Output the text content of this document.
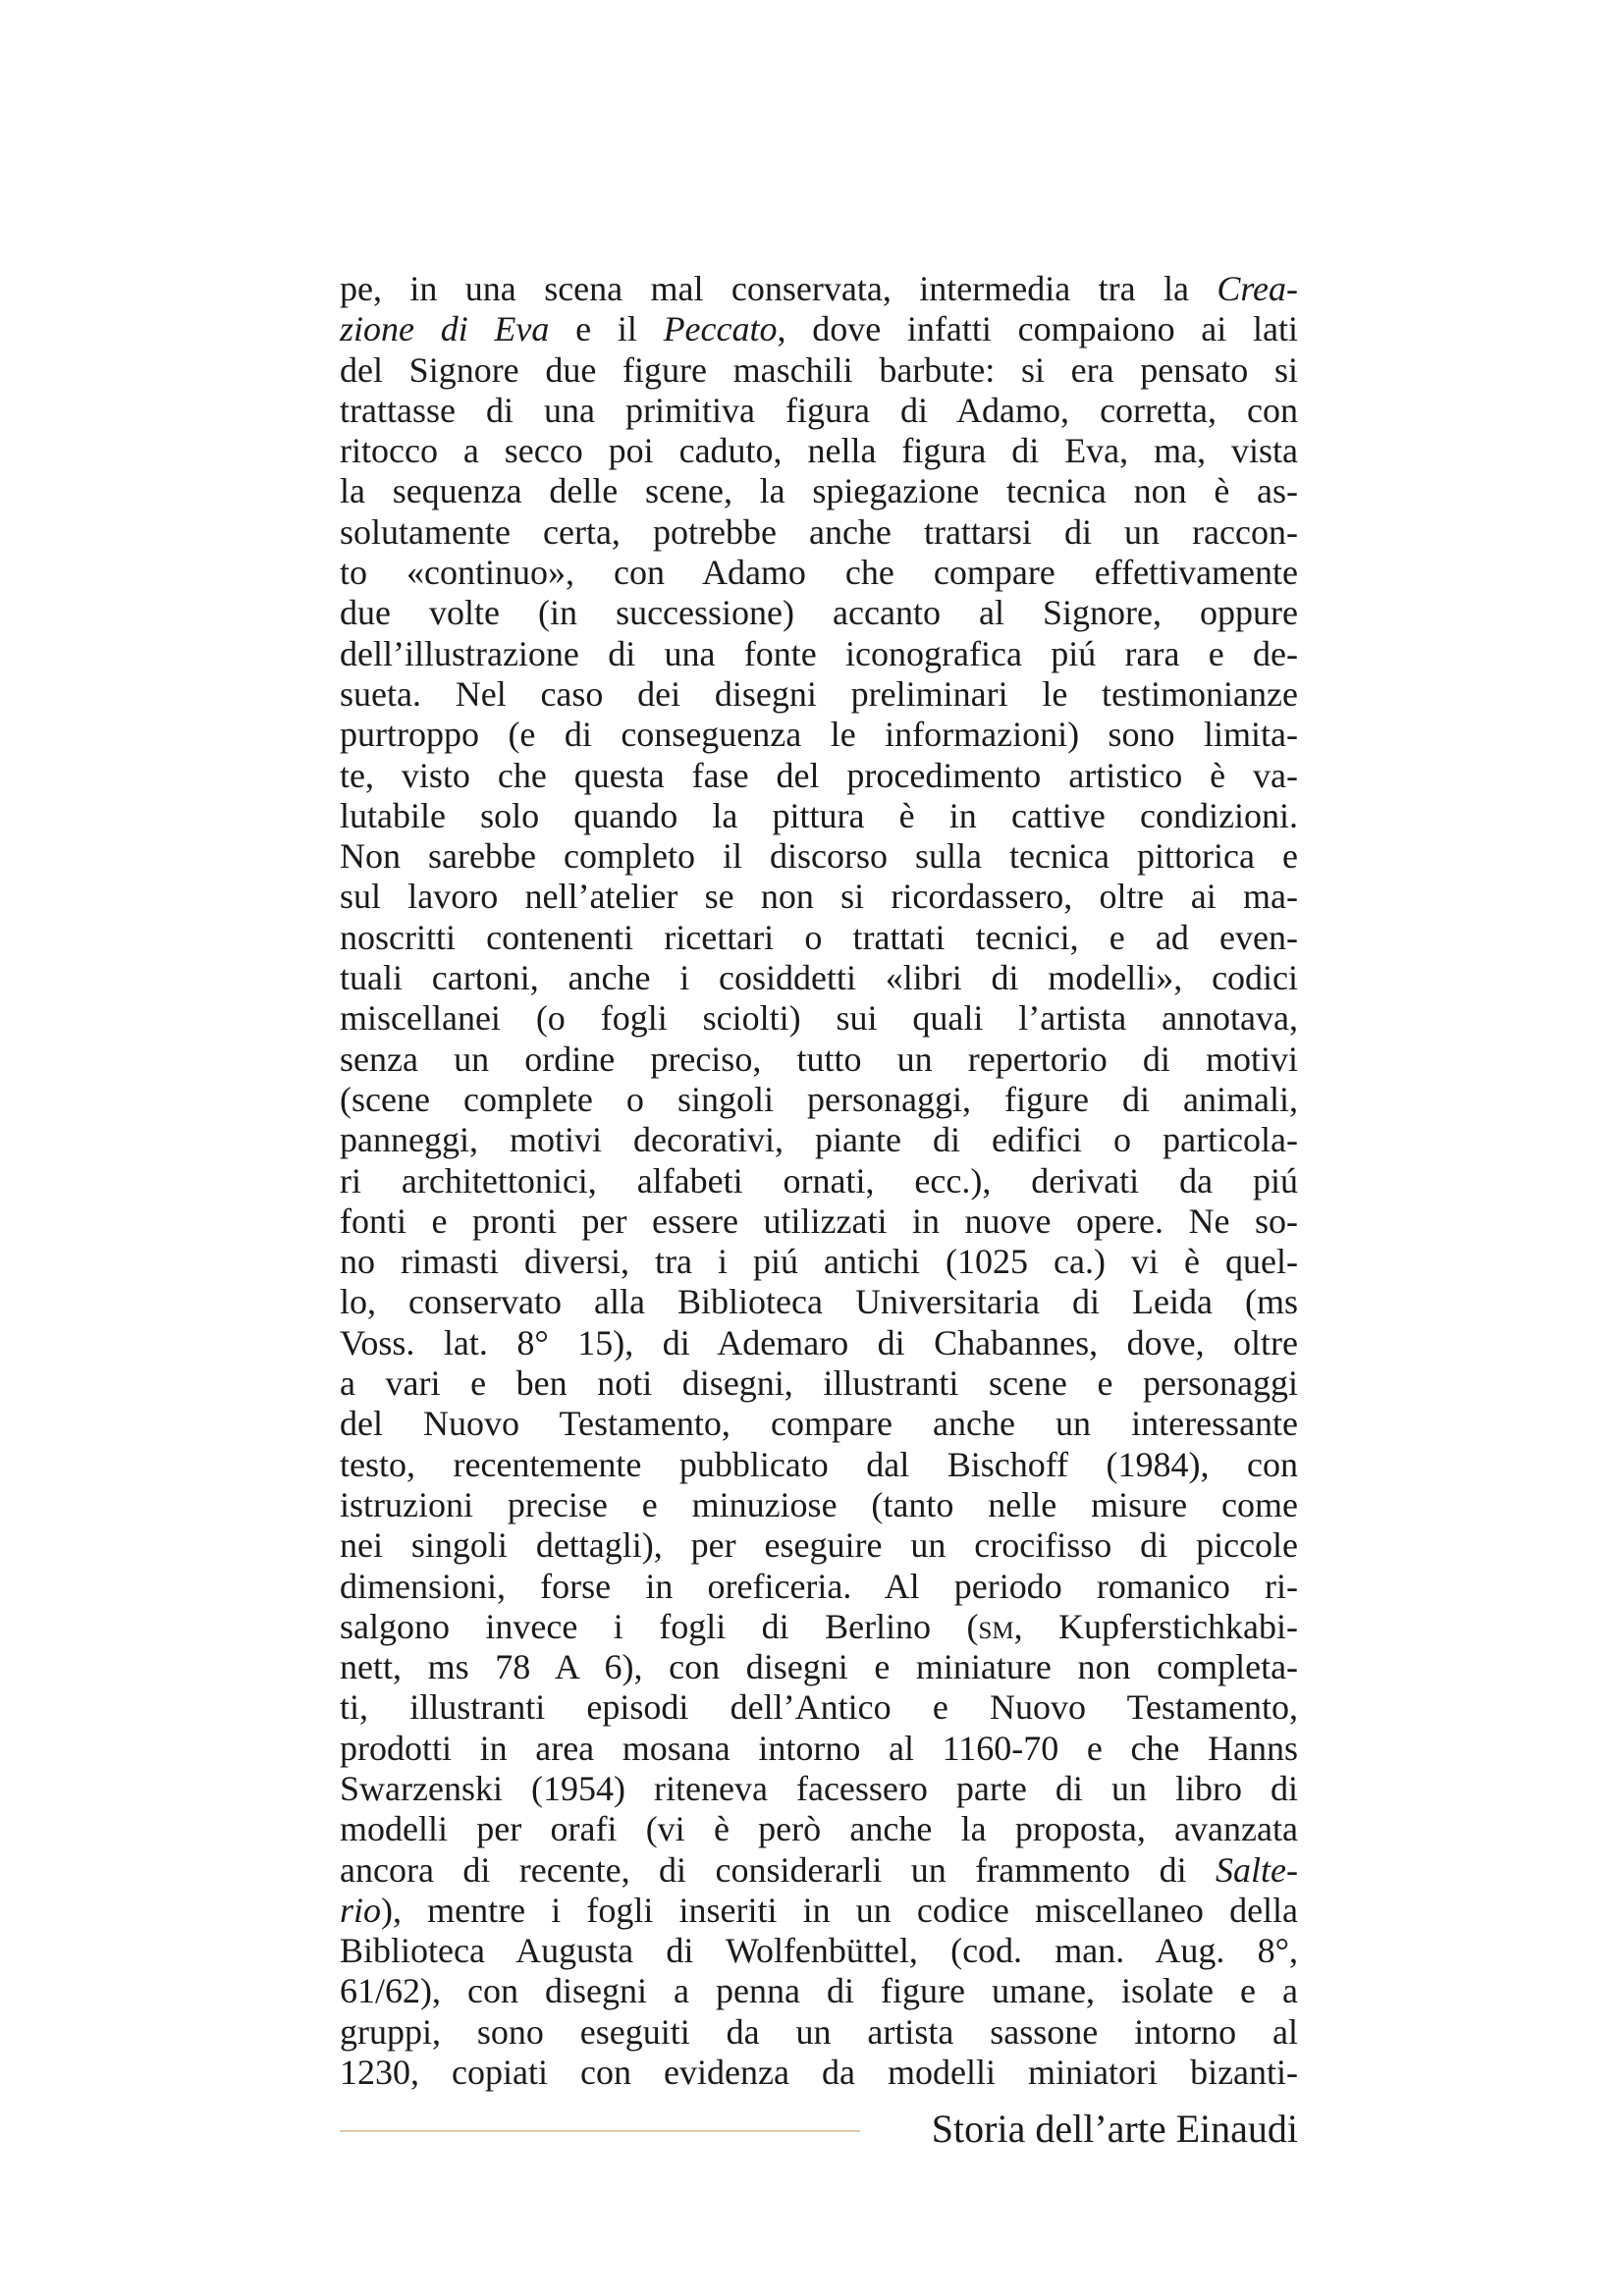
pe, in una scena mal conservata, intermedia tra la Crea-
zione di Eva e il Peccato, dove infatti compaiono ai lati
del Signore due figure maschili barbute: si era pensato si
trattasse di una primitiva figura di Adamo, corretta, con
ritocco a secco poi caduto, nella figura di Eva, ma, vista
la sequenza delle scene, la spiegazione tecnica non è as-
solutamente certa, potrebbe anche trattarsi di un raccon-
to «continuo», con Adamo che compare effettivamente
due volte (in successione) accanto al Signore, oppure
dell’illustrazione di una fonte iconografica piú rara e de-
sueta. Nel caso dei disegni preliminari le testimonianze
purtroppo (e di conseguenza le informazioni) sono limita-
te, visto che questa fase del procedimento artistico è va-
lutabile solo quando la pittura è in cattive condizioni.
Non sarebbe completo il discorso sulla tecnica pittorica e
sul lavoro nell’atelier se non si ricordassero, oltre ai ma-
noscritti contenenti ricettari o trattati tecnici, e ad even-
tuali cartoni, anche i cosiddetti «libri di modelli», codici
miscellanei (o fogli sciolti) sui quali l’artista annotava,
senza un ordine preciso, tutto un repertorio di motivi
(scene complete o singoli personaggi, figure di animali,
panneggi, motivi decorativi, piante di edifici o particola-
ri architettonici, alfabeti ornati, ecc.), derivati da piú
fonti e pronti per essere utilizzati in nuove opere. Ne so-
no rimasti diversi, tra i piú antichi (1025 ca.) vi è quel-
lo, conservato alla Biblioteca Universitaria di Leida (ms
Voss. lat. 8° 15), di Ademaro di Chabannes, dove, oltre
a vari e ben noti disegni, illustranti scene e personaggi
del Nuovo Testamento, compare anche un interessante
testo, recentemente pubblicato dal Bischoff (1984), con
istruzioni precise e minuziose (tanto nelle misure come
nei singoli dettagli), per eseguire un crocifisso di piccole
dimensioni, forse in oreficeria. Al periodo romanico ri-
salgono invece i fogli di Berlino (sm, Kupferstichkabi-
nett, ms 78 A 6), con disegni e miniature non completa-
ti, illustranti episodi dell’Antico e Nuovo Testamento,
prodotti in area mosana intorno al 1160-70 e che Hanns
Swarzenski (1954) riteneva facessero parte di un libro di
modelli per orafi (vi è però anche la proposta, avanzata
ancora di recente, di considerarli un frammento di Salte-
rio), mentre i fogli inseriti in un codice miscellaneo della
Biblioteca Augusta di Wolfenbüttel, (cod. man. Aug. 8°,
61/62), con disegni a penna di figure umane, isolate e a
gruppi, sono eseguiti da un artista sassone intorno al
1230, copiati con evidenza da modelli miniatori bizanti-
Storia dell’arte Einaudi
